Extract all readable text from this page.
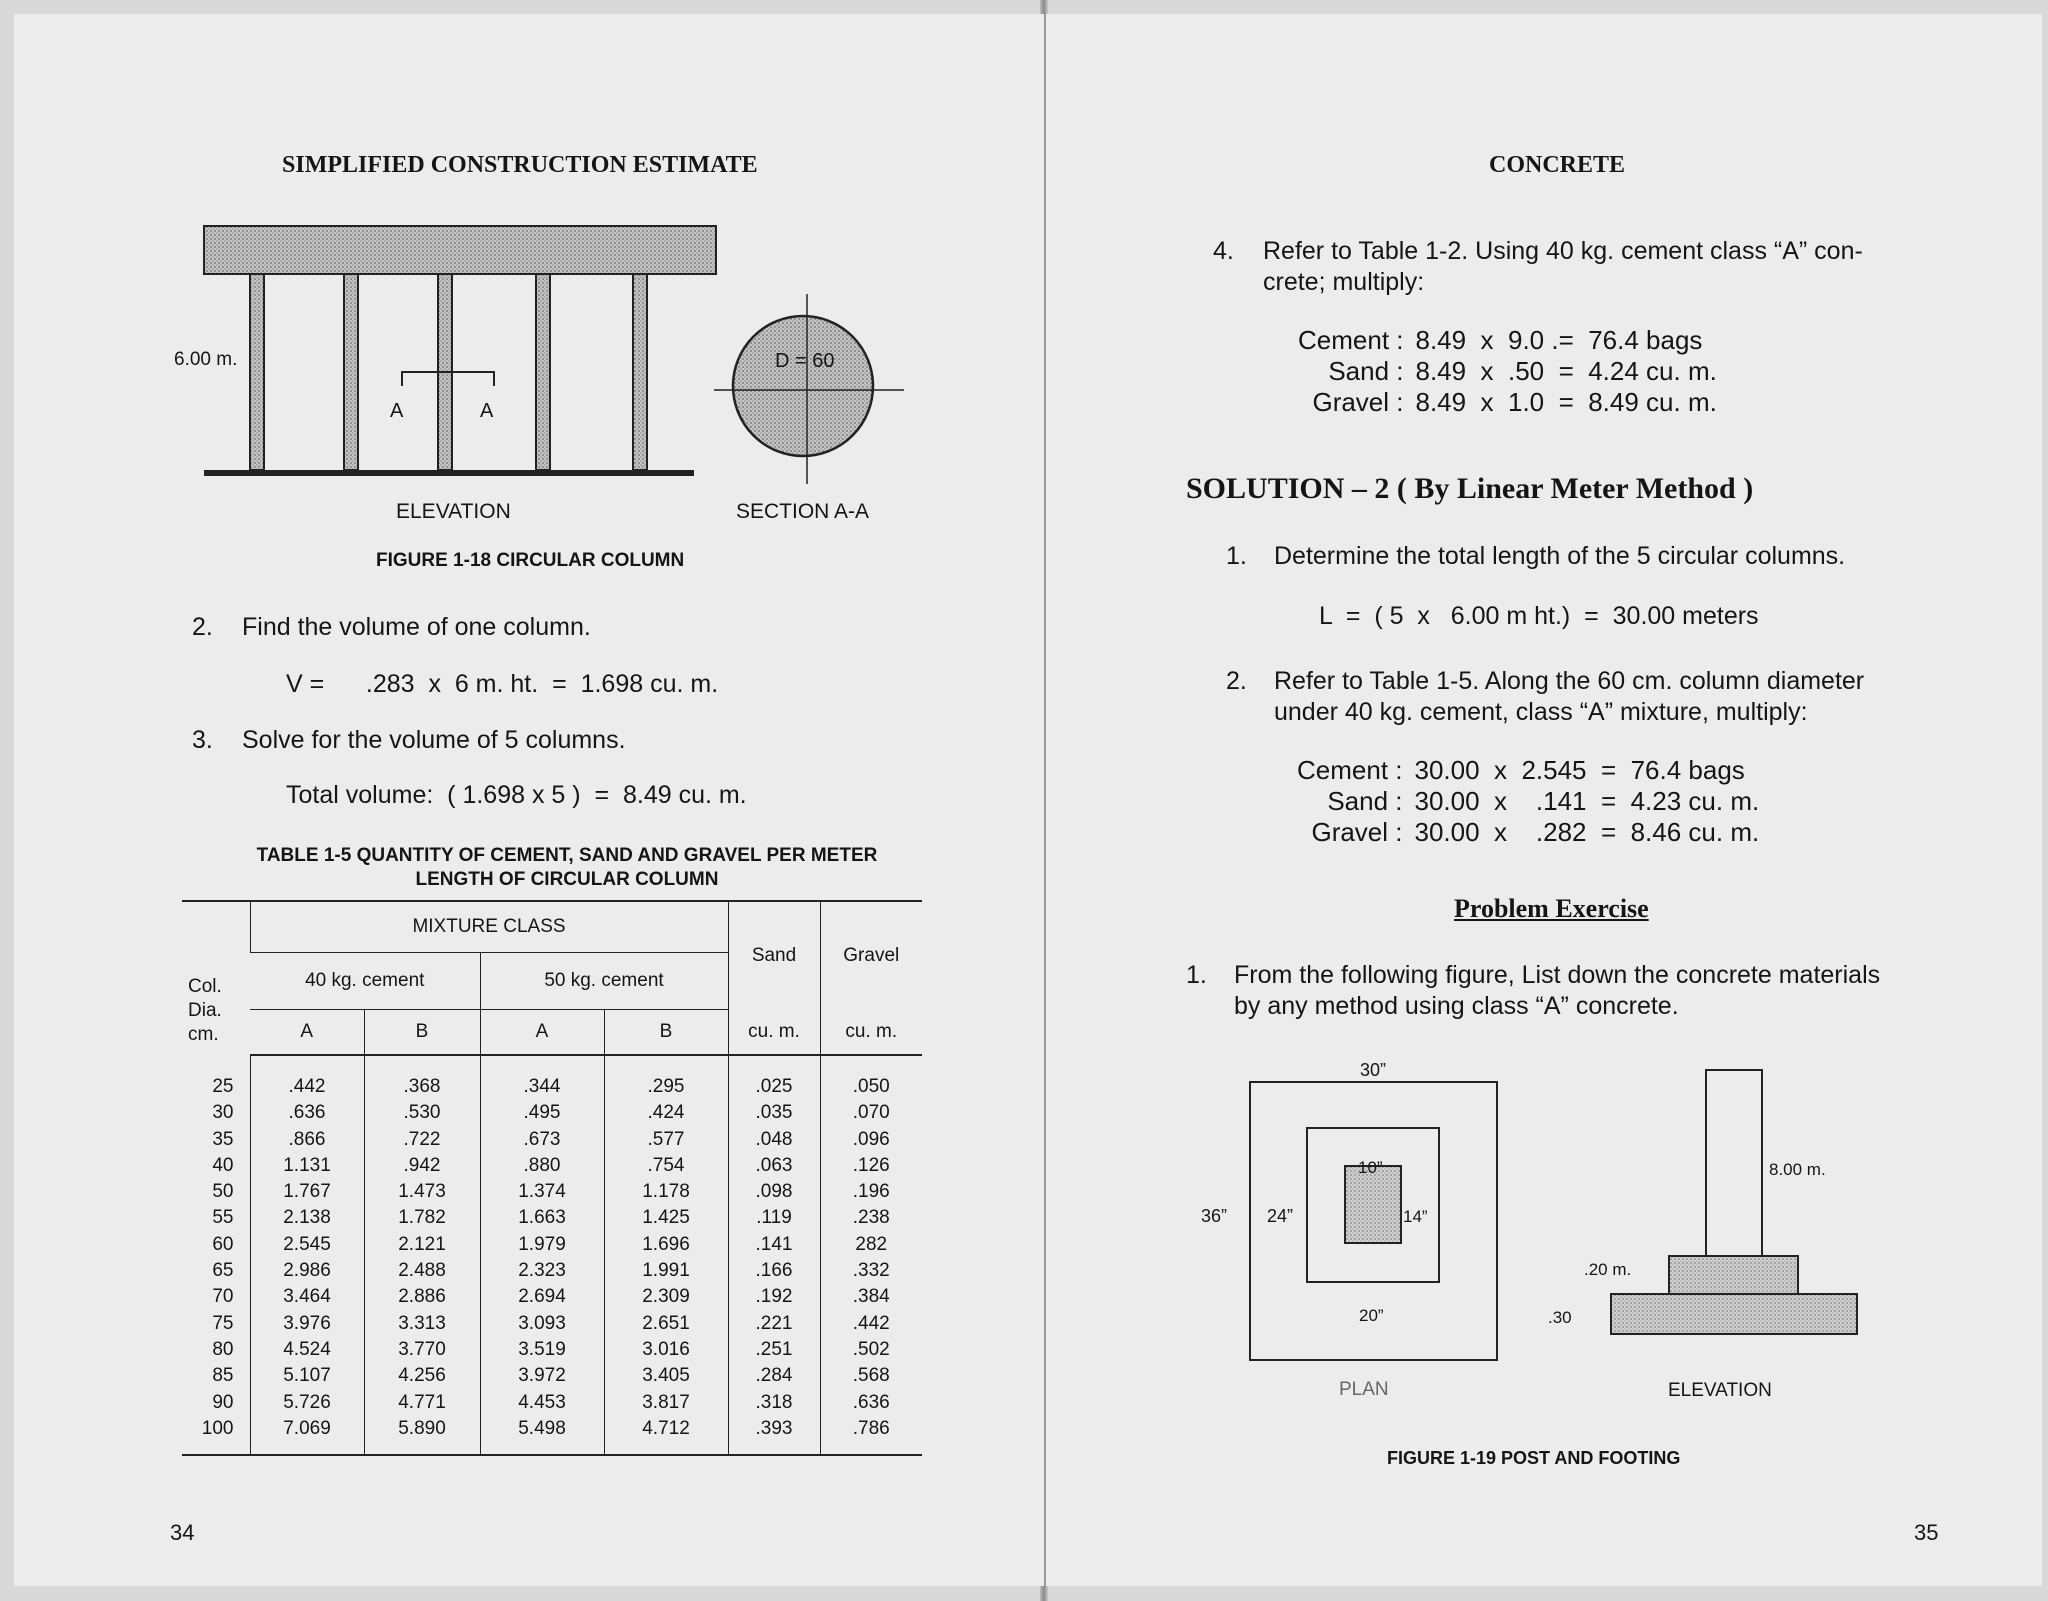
SIMPLIFIED CONSTRUCTION ESTIMATE
6.00 m.
A	A
D = 60
ELEVATION	SECTION A-A
FIGURE 1-18 CIRCULAR COLUMN
2. Find the volume of one column.
V =      .283  x  6 m. ht.  =  1.698 cu. m.
3. Solve for the volume of 5 columns.
Total volume:  ( 1.698 x 5 )  =  8.49 cu. m.
TABLE 1-5 QUANTITY OF CEMENT, SAND AND GRAVEL PER METER
LENGTH OF CIRCULAR COLUMN
Col. Dia. cm.	MIXTURE CLASS				Sand	Gravel
	40 kg. cement		50 kg. cement			
	A	B	A	B	cu. m.	cu. m.
25	.442	.368	.344	.295	.025	.050
30	.636	.530	.495	.424	.035	.070
35	.866	.722	.673	.577	.048	.096
40	1.131	.942	.880	.754	.063	.126
50	1.767	1.473	1.374	1.178	.098	.196
55	2.138	1.782	1.663	1.425	.119	.238
60	2.545	2.121	1.979	1.696	.141	282
65	2.986	2.488	2.323	1.991	.166	.332
70	3.464	2.886	2.694	2.309	.192	.384
75	3.976	3.313	3.093	2.651	.221	.442
80	4.524	3.770	3.519	3.016	.251	.502
85	5.107	4.256	3.972	3.405	.284	.568
90	5.726	4.771	4.453	3.817	.318	.636
100	7.069	5.890	5.498	4.712	.393	.786
34
CONCRETE
4. Refer to Table 1-2. Using 40 kg. cement class “A” con-
crete; multiply:
Cement :	8.49  x  9.0 .=  76.4 bags
Sand :	8.49  x  .50  =  4.24 cu. m.
Gravel :	8.49  x  1.0  =  8.49 cu. m.
SOLUTION – 2 ( By Linear Meter Method )
1. Determine the total length of the 5 circular columns.
L  =  ( 5  x   6.00 m ht.)  =  30.00 meters
2. Refer to Table 1-5. Along the 60 cm. column diameter
under 40 kg. cement, class “A” mixture, multiply:
Cement :	30.00  x  2.545  =  76.4 bags
Sand :	30.00  x    .141  =  4.23 cu. m.
Gravel :	30.00  x    .282  =  8.46 cu. m.
Problem Exercise
1. From the following figure, List down the concrete materials
by any method using class “A” concrete.
30”
36” 24”
10”
14”
20”
PLAN
8.00 m.
.20 m.
.30
ELEVATION
FIGURE 1-19 POST AND FOOTING
35
